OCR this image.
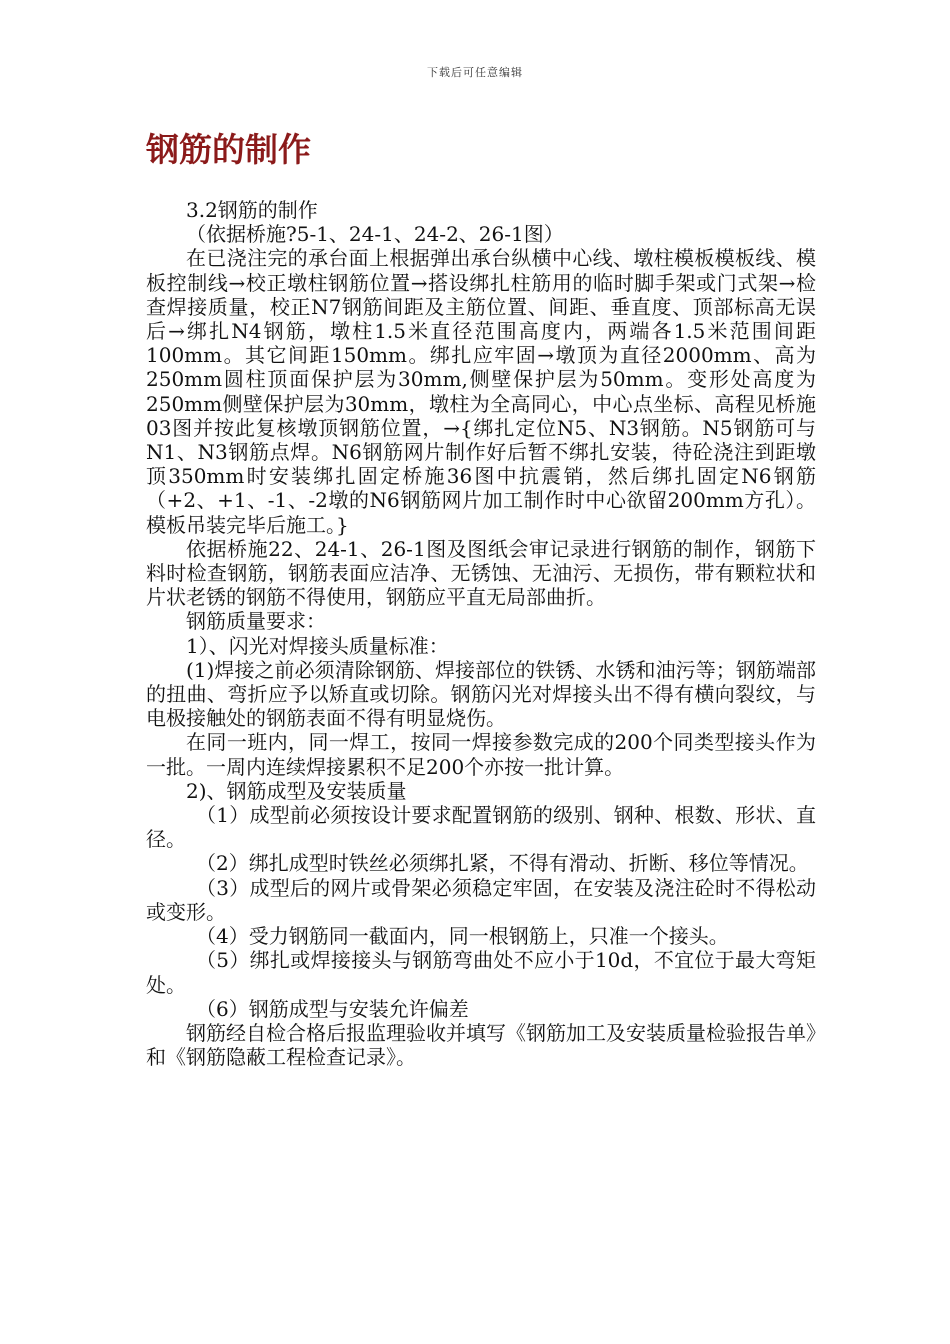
下载后可任意编辑
钢筋的制作

3.2钢筋的制作

（依据桥施?5-1、24-1、24-2、26-1图）

在已浇注完的承台面上根据弹出承台纵横中心线、墩柱模板模板线、模板控制线→校正墩柱钢筋位置→搭设绑扎柱筋用的临时脚手架或门式架→检查焊接质量，校正N7钢筋间距及主筋位置、间距、垂直度、顶部标高无误后→绑扎N4钢筋，墩柱1.5米直径范围高度内，两端各1.5米范围间距100mm。其它间距150mm。绑扎应牢固→墩顶为直径2000mm、高为250mm圆柱顶面保护层为30mm,侧壁保护层为50mm。变形处高度为250mm侧壁保护层为30mm，墩柱为全高同心，中心点坐标、高程见桥施03图并按此复核墩顶钢筋位置，→{绑扎定位N5、N3钢筋。N5钢筋可与N1、N3钢筋点焊。N6钢筋网片制作好后暂不绑扎安装，待砼浇注到距墩顶350mm时安装绑扎固定桥施36图中抗震销，然后绑扎固定N6钢筋（+2、+1、-1、-2墩的N6钢筋网片加工制作时中心欲留200mm方孔）。模板吊装完毕后施工。}

依据桥施22、24-1、26-1图及图纸会审记录进行钢筋的制作，钢筋下料时检查钢筋，钢筋表面应洁净、无锈蚀、无油污、无损伤，带有颗粒状和片状老锈的钢筋不得使用，钢筋应平直无局部曲折。

钢筋质量要求：

1）、闪光对焊接头质量标准：

(1)焊接之前必须清除钢筋、焊接部位的铁锈、水锈和油污等；钢筋端部的扭曲、弯折应予以矫直或切除。钢筋闪光对焊接头出不得有横向裂纹，与电极接触处的钢筋表面不得有明显烧伤。

在同一班内，同一焊工，按同一焊接参数完成的200个同类型接头作为一批。一周内连续焊接累积不足200个亦按一批计算。

2)、钢筋成型及安装质量

（1）成型前必须按设计要求配置钢筋的级别、钢种、根数、形状、直径。

（2）绑扎成型时铁丝必须绑扎紧，不得有滑动、折断、移位等情况。

（3）成型后的网片或骨架必须稳定牢固，在安装及浇注砼时不得松动或变形。

（4）受力钢筋同一截面内，同一根钢筋上，只准一个接头。

（5）绑扎或焊接接头与钢筋弯曲处不应小于10d，不宜位于最大弯矩处。

（6）钢筋成型与安装允许偏差

钢筋经自检合格后报监理验收并填写《钢筋加工及安装质量检验报告单》和《钢筋隐蔽工程检查记录》。
